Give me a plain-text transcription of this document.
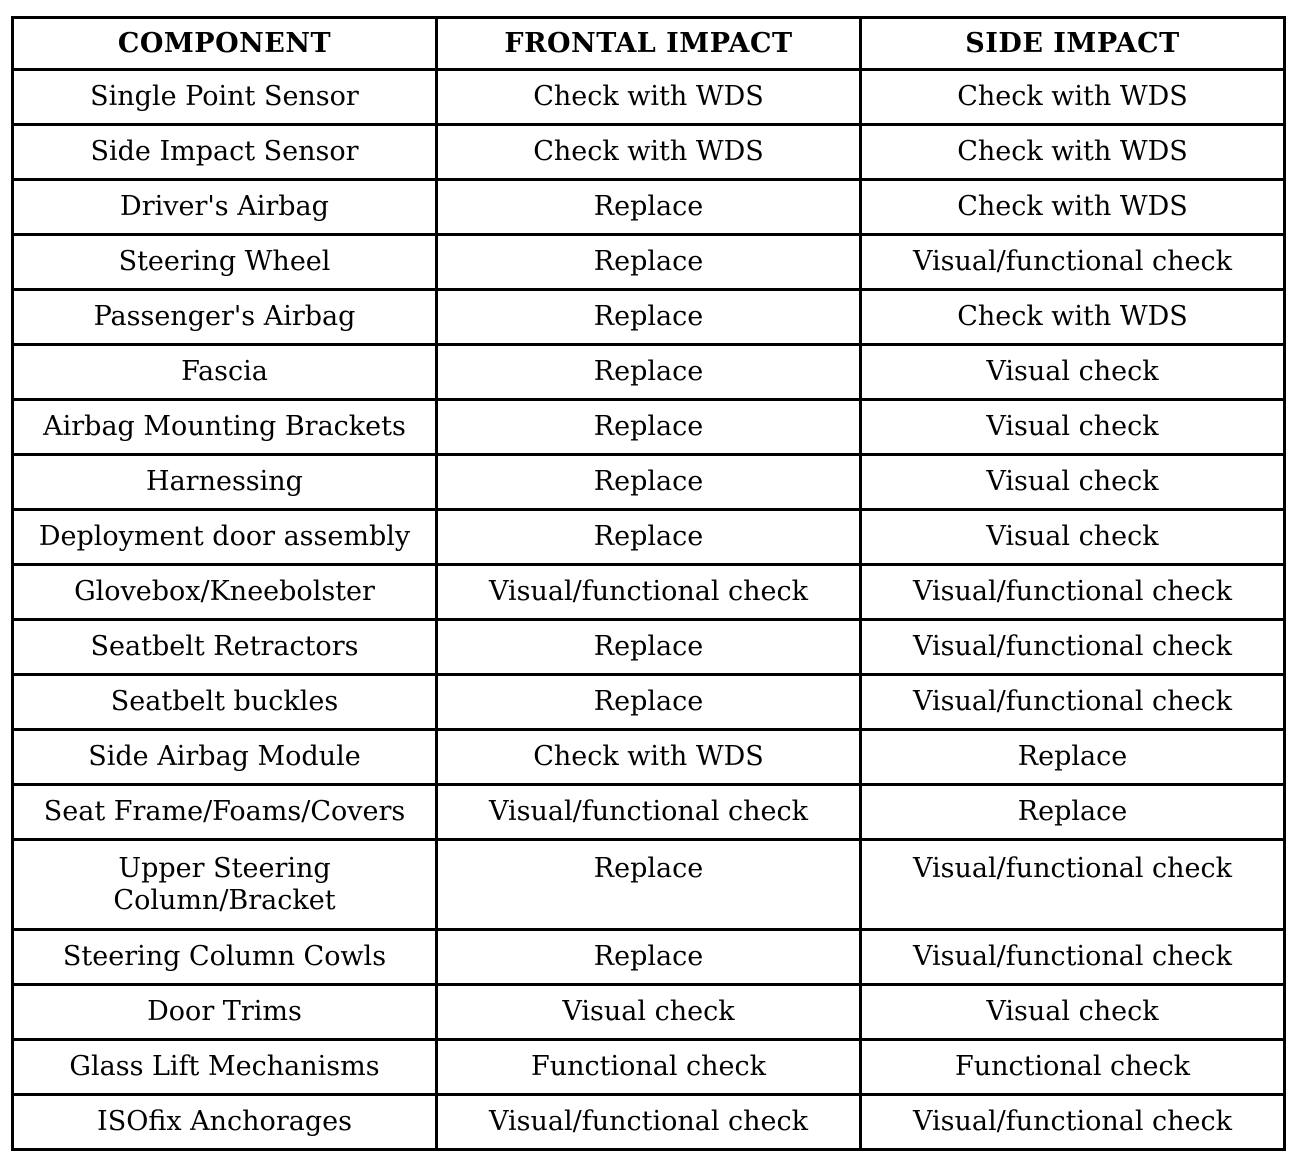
COMPONENT	FRONTAL IMPACT	SIDE IMPACT
Single Point Sensor	Check with WDS	Check with WDS
Side Impact Sensor	Check with WDS	Check with WDS
Driver's Airbag	Replace	Check with WDS
Steering Wheel	Replace	Visual/functional check
Passenger's Airbag	Replace	Check with WDS
Fascia	Replace	Visual check
Airbag Mounting Brackets	Replace	Visual check
Harnessing	Replace	Visual check
Deployment door assembly	Replace	Visual check
Glovebox/Kneebolster	Visual/functional check	Visual/functional check
Seatbelt Retractors	Replace	Visual/functional check
Seatbelt buckles	Replace	Visual/functional check
Side Airbag Module	Check with WDS	Replace
Seat Frame/Foams/Covers	Visual/functional check	Replace
Upper Steering Column/Bracket	Replace	Visual/functional check
Steering Column Cowls	Replace	Visual/functional check
Door Trims	Visual check	Visual check
Glass Lift Mechanisms	Functional check	Functional check
ISOfix Anchorages	Visual/functional check	Visual/functional check
